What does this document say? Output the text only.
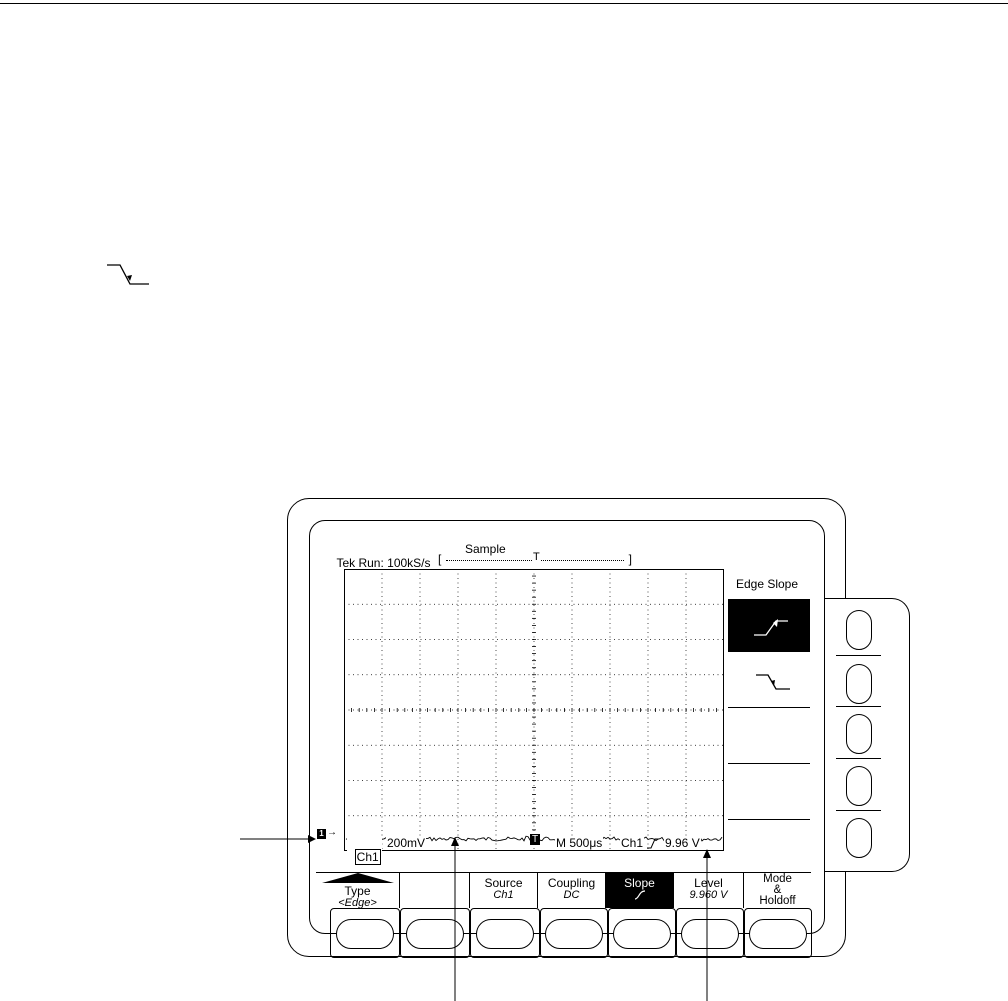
Tek Run: 100kS/s

Sample

[	T	]

Ch1

200mV	T M 500μs Ch1 9.96 V
1 →
Edge Slope
Type
<Edge>
Source
Ch1
Coupling
DC
Slope	Level
9.960 V
Mode
&
Holdoff
